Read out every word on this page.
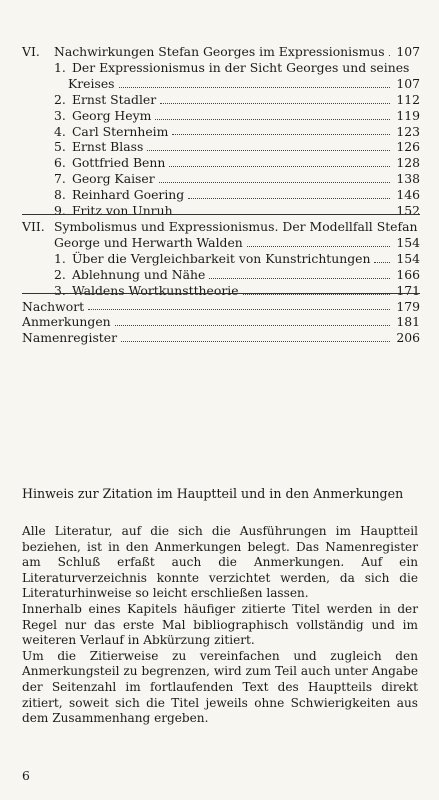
VI. Nachwirkungen Stefan Georges im Expressionismus 107
1. Der Expressionismus in der Sicht Georges und seines
Kreises	107
2. Ernst Stadler	112
3. Georg Heym	119
4. Carl Sternheim	123
5. Ernst Blass	126
6. Gottfried Benn	128
7. Georg Kaiser	138
8. Reinhard Goering	146
9. Fritz von Unruh	152
VII. Symbolismus und Expressionismus. Der Modellfall Stefan
George und Herwarth Walden	154
1. Über die Vergleichbarkeit von Kunstrichtungen 154
2. Ablehnung und Nähe	166
3. Waldens Wortkunsttheorie	171
Nachwort	179
Anmerkungen	181
Namenregister	206
Hinweis zur Zitation im Hauptteil und in den Anmerkungen

Alle Literatur, auf die sich die Ausführungen im Hauptteil beziehen, ist in den Anmerkungen belegt. Das Namenregister am Schluß erfaßt auch die Anmerkungen. Auf ein Literaturverzeichnis konnte verzichtet werden, da sich die Literaturhinweise so leicht erschließen lassen.

Innerhalb eines Kapitels häufiger zitierte Titel werden in der Regel nur das erste Mal bibliographisch vollständig und im weiteren Verlauf in Abkürzung zitiert.

Um die Zitierweise zu vereinfachen und zugleich den Anmerkungsteil zu begrenzen, wird zum Teil auch unter Angabe der Seitenzahl im fortlaufenden Text des Hauptteils direkt zitiert, soweit sich die Titel jeweils ohne Schwierigkeiten aus dem Zusammenhang ergeben.

6
